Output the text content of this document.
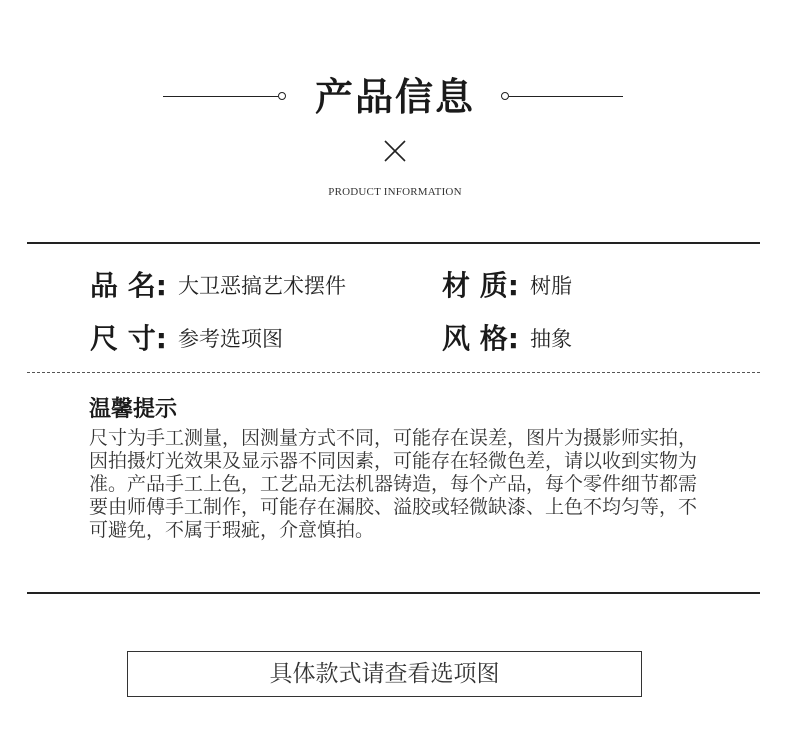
产品信息
PRODUCT INFORMATION
品 名: 大卫恶搞艺术摆件	材 质: 树脂
尺 寸: 参考选项图	风 格: 抽象
温馨提示
尺寸为手工测量，因测量方式不同，可能存在误差，图片为摄影师实拍，因拍摄灯光效果及显示器不同因素，可能存在轻微色差，请以收到实物为准。产品手工上色，工艺品无法机器铸造，每个产品，每个零件细节都需要由师傅手工制作，可能存在漏胶、溢胶或轻微缺漆、上色不均匀等，不可避免，不属于瑕疵，介意慎拍。
具体款式请查看选项图
